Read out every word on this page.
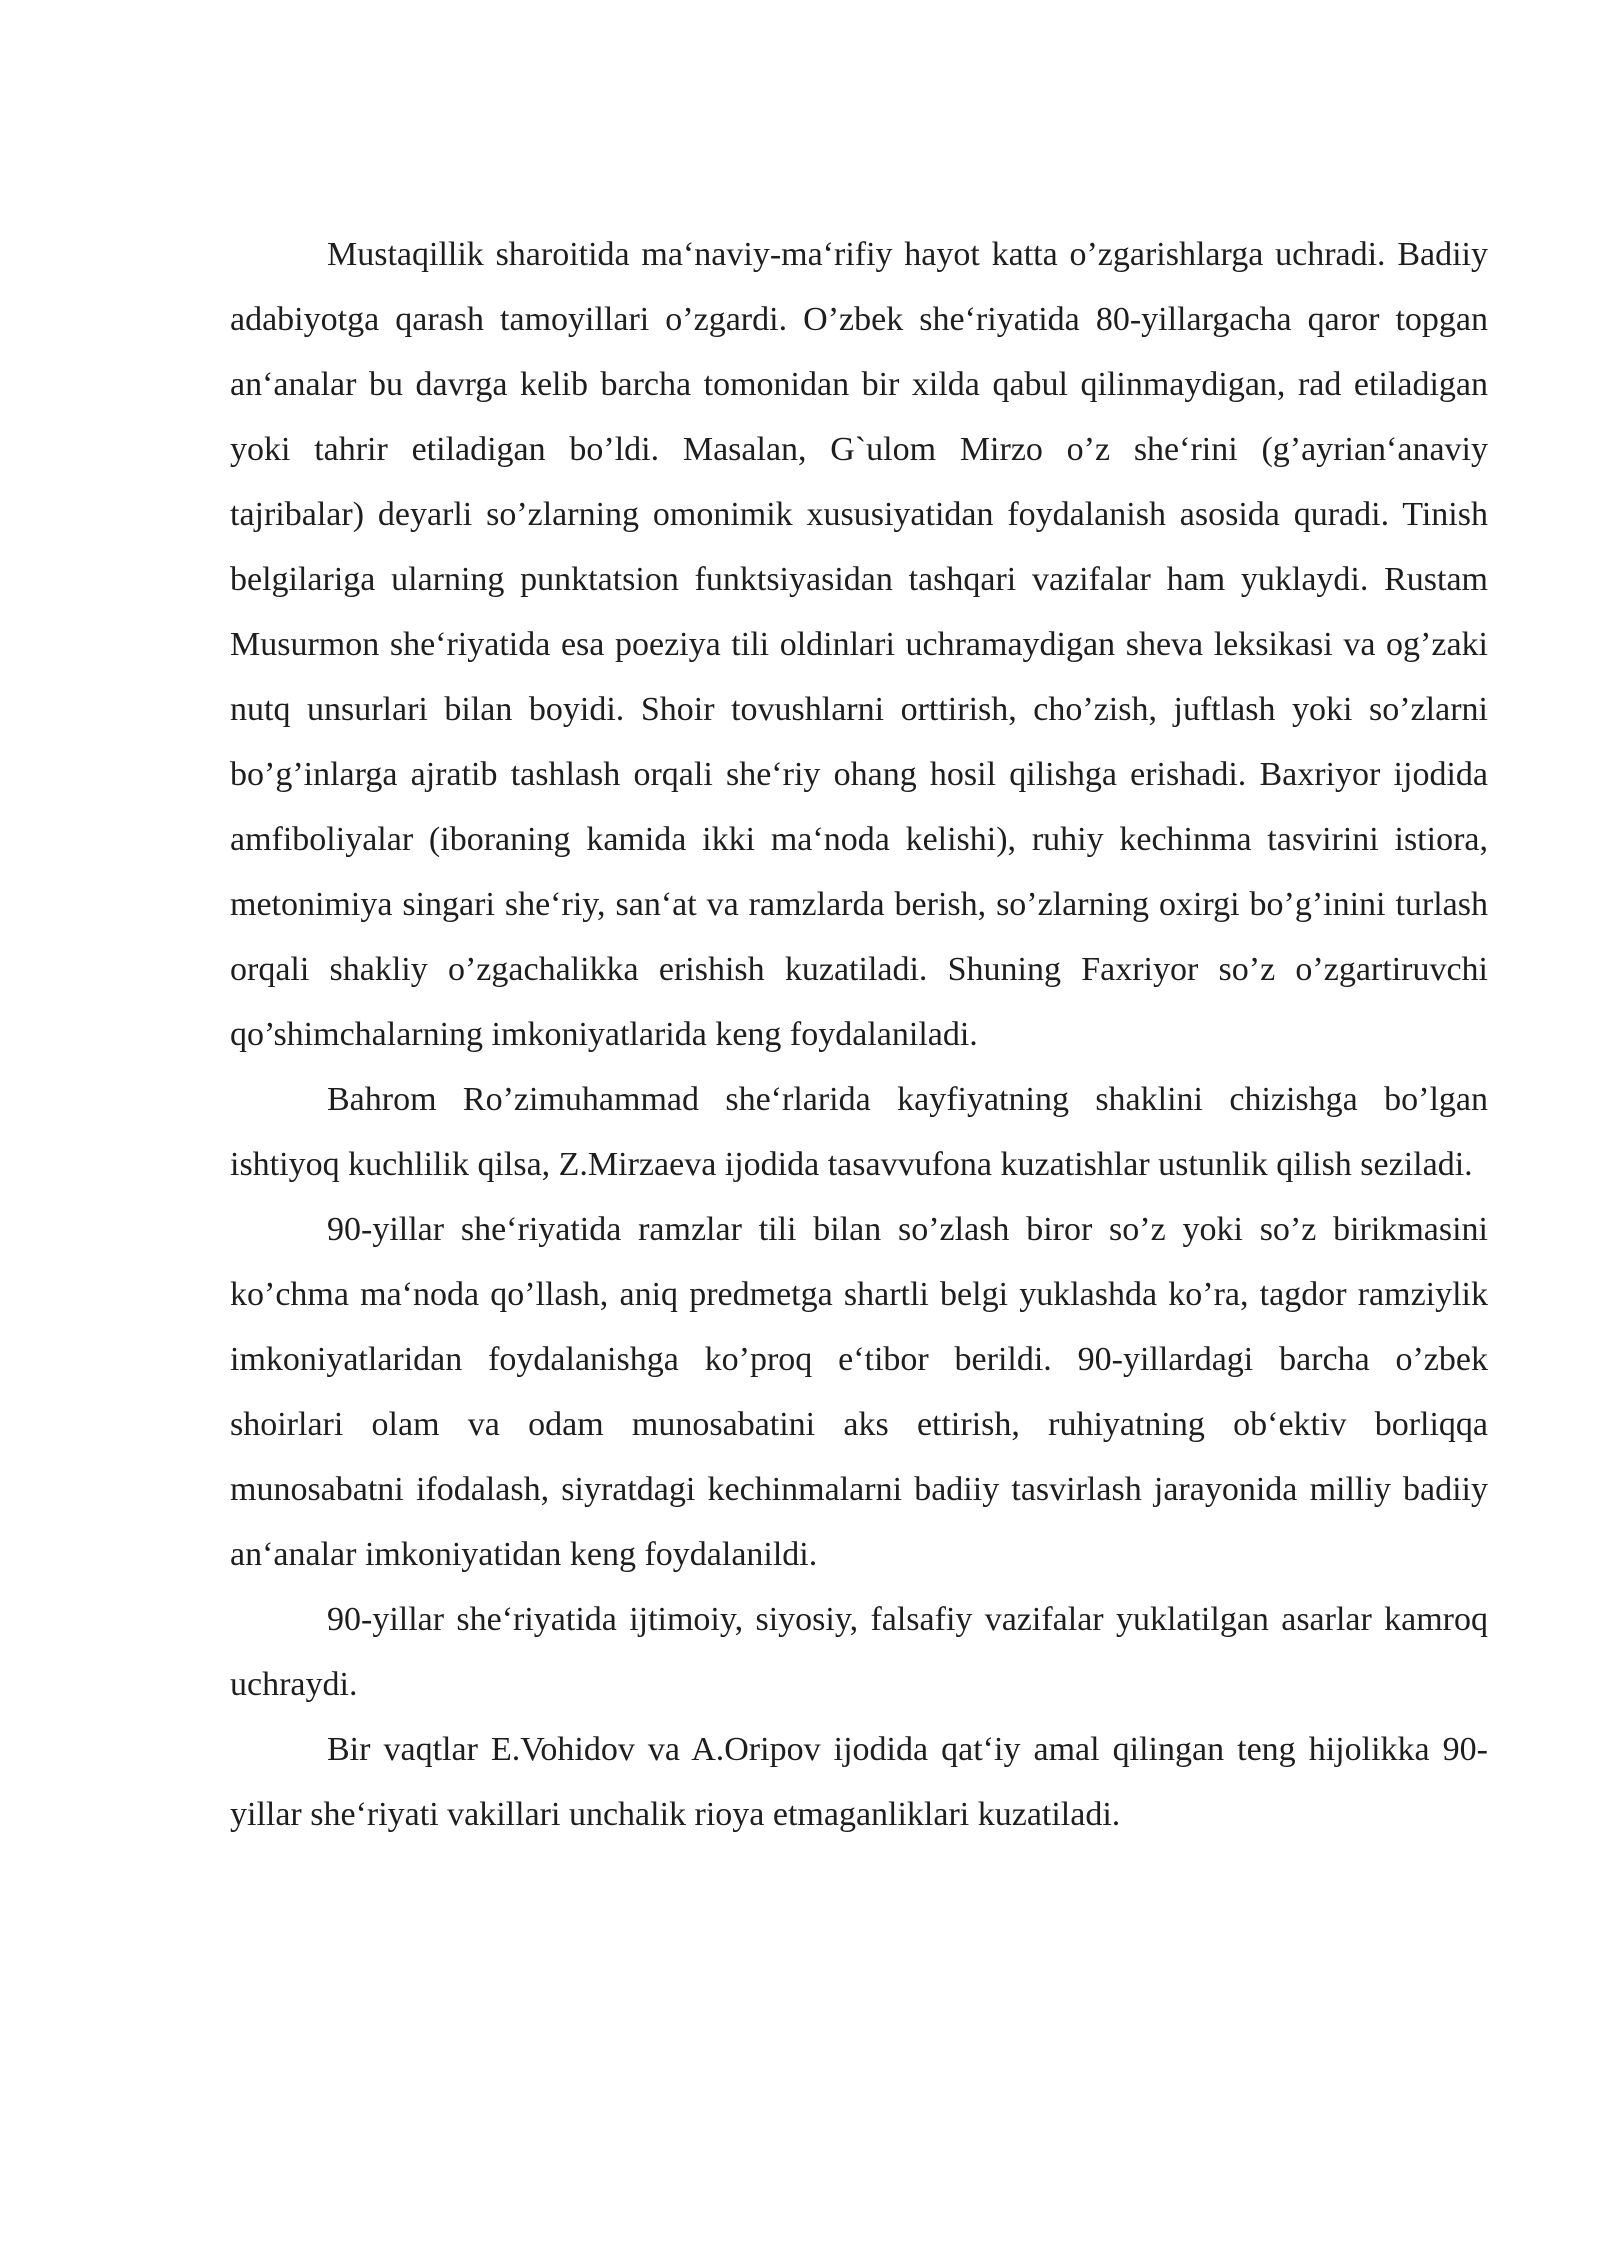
Mustaqillik sharoitida ma‘naviy-ma‘rifiy hayot katta o’zgarishlarga uchradi. Badiiy adabiyotga qarash tamoyillari o’zgardi. O’zbek she‘riyatida 80-yillargacha qaror topgan an‘analar bu davrga kelib barcha tomonidan bir xilda qabul qilinmaydigan, rad etiladigan yoki tahrir etiladigan bo’ldi. Masalan, G`ulom Mirzo o’z she‘rini (g’ayrian‘anaviy tajribalar) deyarli so’zlarning omonimik xususiyatidan foydalanish asosida quradi. Tinish belgilariga ularning punktatsion funktsiyasidan tashqari vazifalar ham yuklaydi. Rustam Musurmon she‘riyatida esa poeziya tili oldinlari uchramaydigan sheva leksikasi va og’zaki nutq unsurlari bilan boyidi. Shoir tovushlarni orttirish, cho’zish, juftlash yoki so’zlarni bo’g’inlarga ajratib tashlash orqali she‘riy ohang hosil qilishga erishadi. Baxriyor ijodida amfiboliyalar (iboraning kamida ikki ma‘noda kelishi), ruhiy kechinma tasvirini istiora, metonimiya singari she‘riy, san‘at va ramzlarda berish, so’zlarning oxirgi bo’g’inini turlash orqali shakliy o’zgachalikka erishish kuzatiladi. Shuning Faxriyor so’z o’zgartiruvchi qo’shimchalarning imkoniyatlarida keng foydalaniladi.

Bahrom Ro’zimuhammad she‘rlarida kayfiyatning shaklini chizishga bo’lgan ishtiyoq kuchlilik qilsa, Z.Mirzaeva ijodida tasavvufona kuzatishlar ustunlik qilish seziladi.

90-yillar she‘riyatida ramzlar tili bilan so’zlash biror so’z yoki so’z birikmasini ko’chma ma‘noda qo’llash, aniq predmetga shartli belgi yuklashda ko’ra, tagdor ramziylik imkoniyatlaridan foydalanishga ko’proq e‘tibor berildi. 90-yillardagi barcha o’zbek shoirlari olam va odam munosabatini aks ettirish, ruhiyatning ob‘ektiv borliqqa munosabatni ifodalash, siyratdagi kechinmalarni badiiy tasvirlash jarayonida milliy badiiy an‘analar imkoniyatidan keng foydalanildi.

90-yillar she‘riyatida ijtimoiy, siyosiy, falsafiy vazifalar yuklatilgan asarlar kamroq uchraydi.

Bir vaqtlar E.Vohidov va A.Oripov ijodida qat‘iy amal qilingan teng hijolikka 90-yillar she‘riyati vakillari unchalik rioya etmaganliklari kuzatiladi.
